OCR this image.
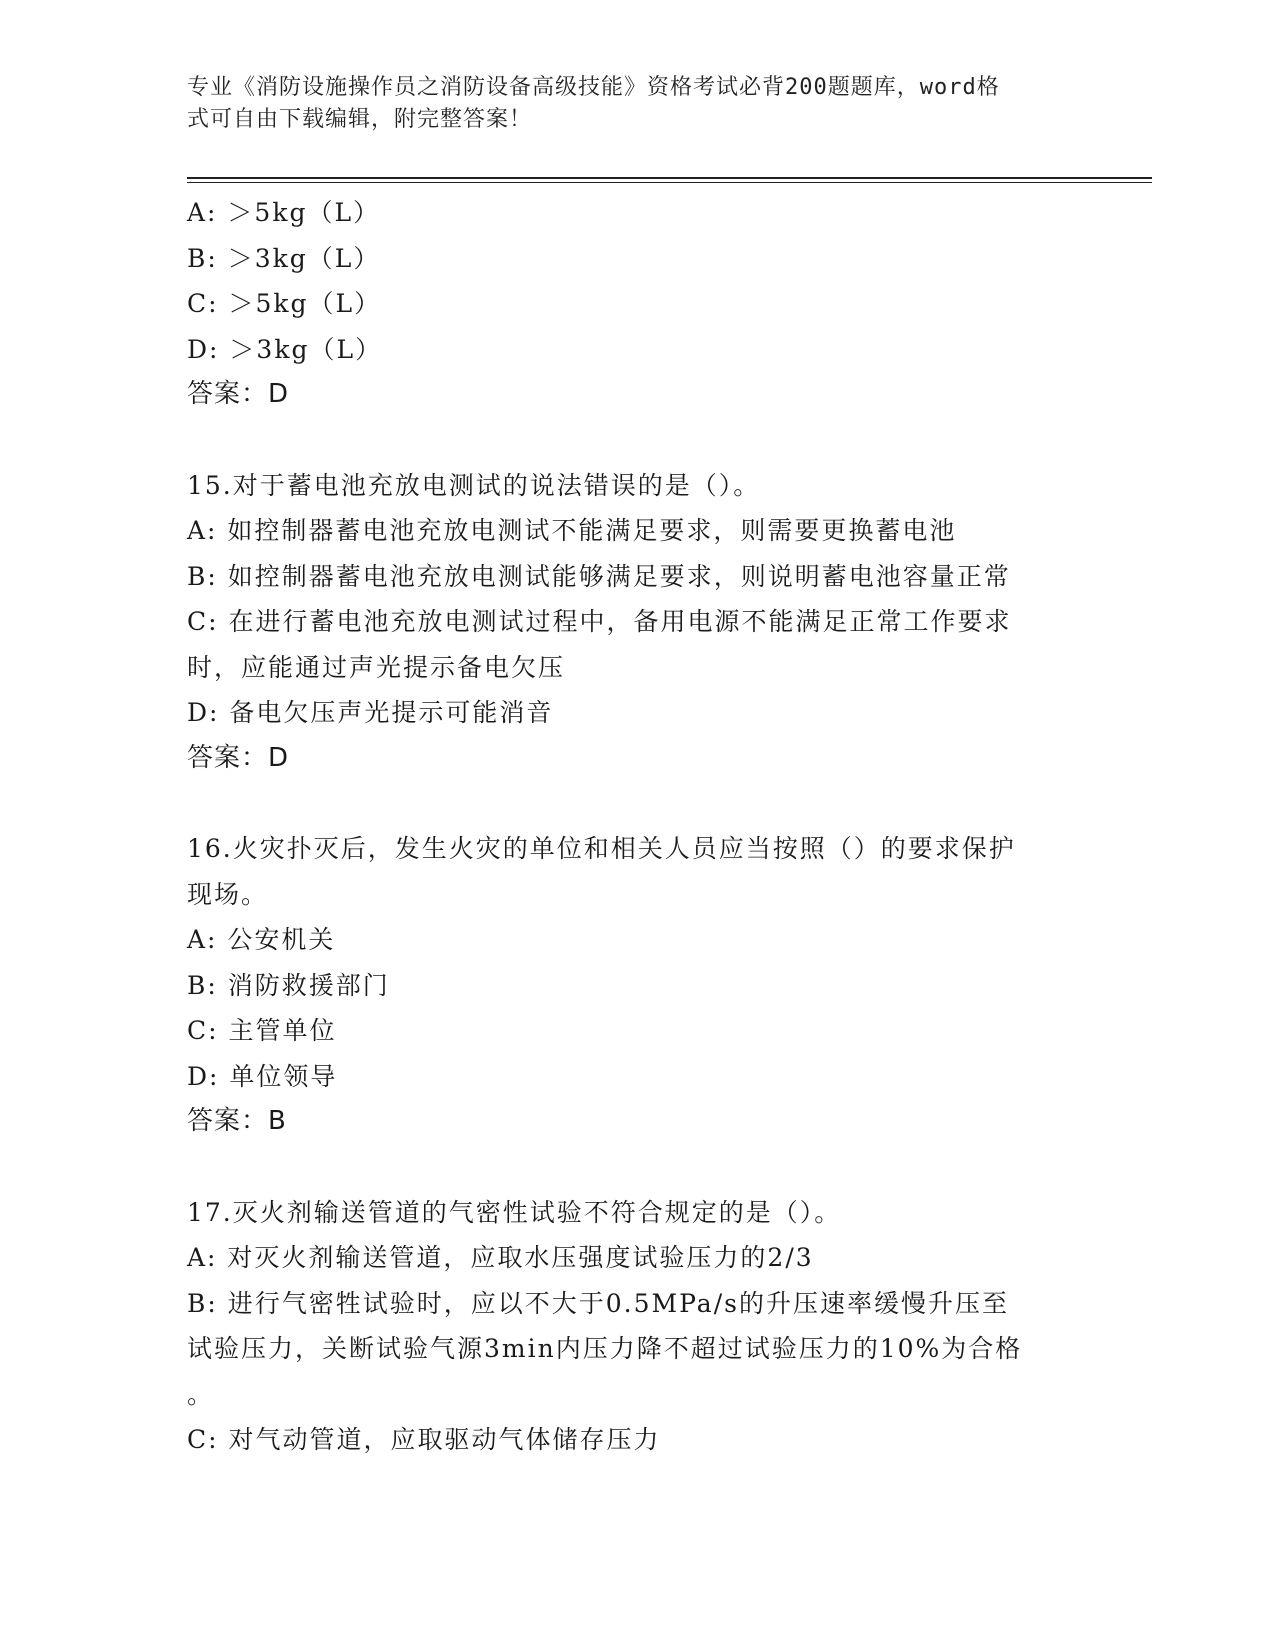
专业《消防设施操作员之消防设备高级技能》资格考试必背200题题库，word格
式可自由下载编辑，附完整答案！
A: ＞5kg（L）
B: ＞3kg（L）
C: ＞5kg（L）
D: ＞3kg（L）
答案：D
15.对于蓄电池充放电测试的说法错误的是（）。
A: 如控制器蓄电池充放电测试不能满足要求，则需要更换蓄电池
B: 如控制器蓄电池充放电测试能够满足要求，则说明蓄电池容量正常
C: 在进行蓄电池充放电测试过程中，备用电源不能满足正常工作要求
时，应能通过声光提示备电欠压
D: 备电欠压声光提示可能消音
答案：D
16.火灾扑灭后，发生火灾的单位和相关人员应当按照（）的要求保护
现场。
A: 公安机关
B: 消防救援部门
C: 主管单位
D: 单位领导
答案：B
17.灭火剂输送管道的气密性试验不符合规定的是（）。
A: 对灭火剂输送管道，应取水压强度试验压力的2/3
B: 进行气密牲试验时，应以不大于0.5MPa/s的升压速率缓慢升压至
试验压力，关断试验气源3min内压力降不超过试验压力的10%为合格
。
C: 对气动管道，应取驱动气体储存压力
